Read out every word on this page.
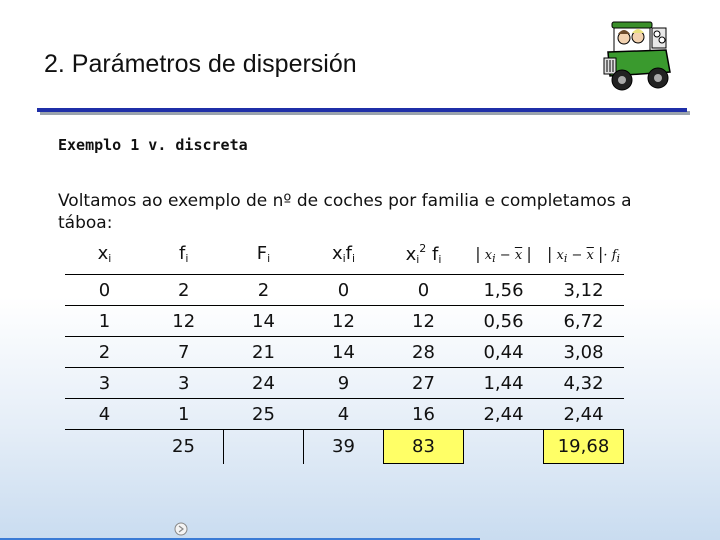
2. Parámetros de dispersión
Exemplo 1 v. discreta
Voltamos ao exemplo de nº de coches por familia e completamos a táboa:
$x_i$	$f_i$	$F_i$	$x_if_i$	$x_i^2$ $f_i$	| $x_i - \overline{x}$ |	| $x_i - \overline{x}$ |· $f_i$
0	2	2	0	0	1,56	3,12
1	12	14	12	12	0,56	6,72
2	7	21	14	28	0,44	3,08
3	3	24	9	27	1,44	4,32
4	1	25	4	16	2,44	2,44
	25		39	83		19,68
